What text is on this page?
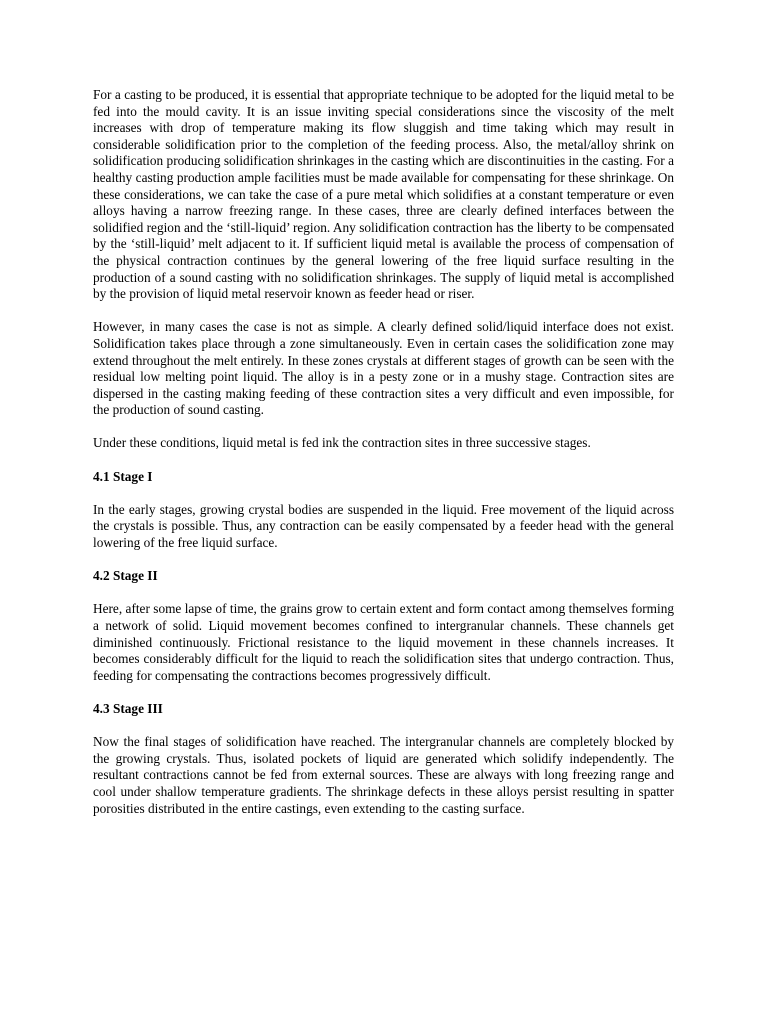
For a casting to be produced, it is essential that appropriate technique to be adopted for the liquid metal to be fed into the mould cavity. It is an issue inviting special considerations since the viscosity of the melt increases with drop of temperature making its flow sluggish and time taking which may result in considerable solidification prior to the completion of the feeding process. Also, the metal/alloy shrink on solidification producing solidification shrinkages in the casting which are discontinuities in the casting. For a healthy casting production ample facilities must be made available for compensating for these shrinkage. On these considerations, we can take the case of a pure metal which solidifies at a constant temperature or even alloys having a narrow freezing range. In these cases, three are clearly defined interfaces between the solidified region and the ‘still-liquid’ region. Any solidification contraction has the liberty to be compensated by the ‘still-liquid’ melt adjacent to it. If sufficient liquid metal is available the process of compensation of the physical contraction continues by the general lowering of the free liquid surface resulting in the production of a sound casting with no solidification shrinkages. The supply of liquid metal is accomplished by the provision of liquid metal reservoir known as feeder head or riser.

However, in many cases the case is not as simple. A clearly defined solid/liquid interface does not exist. Solidification takes place through a zone simultaneously. Even in certain cases the solidification zone may extend throughout the melt entirely. In these zones crystals at different stages of growth can be seen with the residual low melting point liquid. The alloy is in a pesty zone or in a mushy stage. Contraction sites are dispersed in the casting making feeding of these contraction sites a very difficult and even impossible, for the production of sound casting.

Under these conditions, liquid metal is fed ink the contraction sites in three successive stages.

4.1 Stage I

In the early stages, growing crystal bodies are suspended in the liquid. Free movement of the liquid across the crystals is possible. Thus, any contraction can be easily compensated by a feeder head with the general lowering of the free liquid surface.

4.2 Stage II

Here, after some lapse of time, the grains grow to certain extent and form contact among themselves forming a network of solid. Liquid movement becomes confined to intergranular channels. These channels get diminished continuously. Frictional resistance to the liquid movement in these channels increases. It becomes considerably difficult for the liquid to reach the solidification sites that undergo contraction. Thus, feeding for compensating the contractions becomes progressively difficult.

4.3 Stage III

Now the final stages of solidification have reached. The intergranular channels are completely blocked by the growing crystals. Thus, isolated pockets of liquid are generated which solidify independently. The resultant contractions cannot be fed from external sources. These are always with long freezing range and cool under shallow temperature gradients. The shrinkage defects in these alloys persist resulting in spatter porosities distributed in the entire castings, even extending to the casting surface.
